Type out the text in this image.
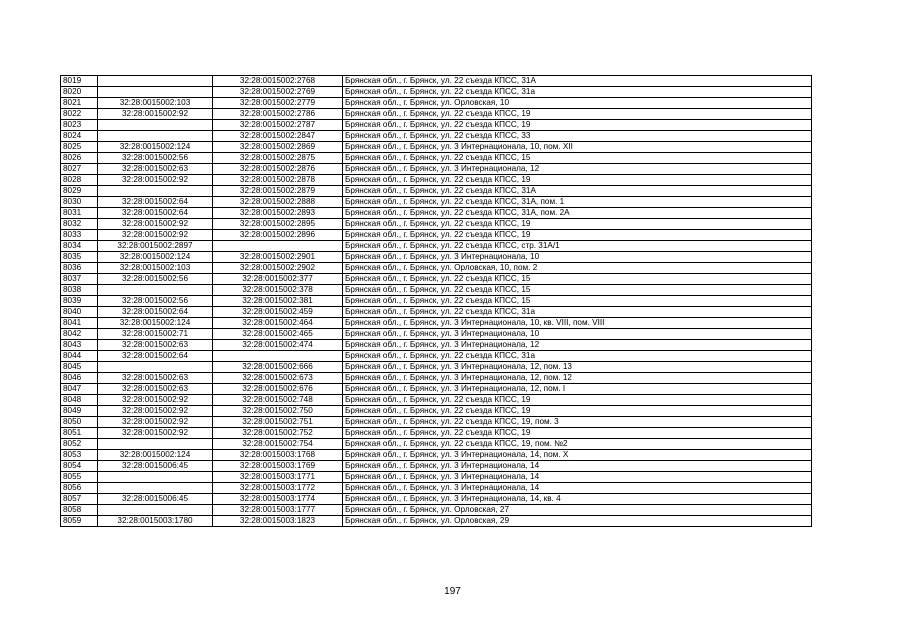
8019		32:28:0015002:2768	Брянская обл., г. Брянск, ул. 22 съезда КПСС, 31А
8020		32:28:0015002:2769	Брянская обл., г. Брянск, ул. 22 съезда КПСС, 31а
8021	32:28:0015002:103	32:28:0015002:2779	Брянская обл., г. Брянск, ул. Орловская, 10
8022	32:28:0015002:92	32:28:0015002:2786	Брянская обл., г. Брянск, ул. 22 съезда КПСС, 19
8023		32:28:0015002:2787	Брянская обл., г. Брянск, ул. 22 съезда КПСС, 19
8024		32:28:0015002:2847	Брянская обл., г. Брянск, ул. 22 съезда КПСС, 33
8025	32:28:0015002:124	32:28:0015002:2869	Брянская обл., г. Брянск, ул. 3 Интернационала, 10, пом. XII
8026	32:28:0015002:56	32:28:0015002:2875	Брянская обл., г. Брянск, ул. 22 съезда КПСС, 15
8027	32:28:0015002:63	32:28:0015002:2876	Брянская обл., г. Брянск, ул. 3 Интернационала, 12
8028	32:28:0015002:92	32:28:0015002:2878	Брянская обл., г. Брянск, ул. 22 съезда КПСС, 19
8029		32:28:0015002:2879	Брянская обл., г. Брянск, ул. 22 съезда КПСС, 31А
8030	32:28:0015002:64	32:28:0015002:2888	Брянская обл., г. Брянск, ул. 22 съезда КПСС, 31А, пом. 1
8031	32:28:0015002:64	32:28:0015002:2893	Брянская обл., г. Брянск, ул. 22 съезда КПСС, 31А, пом. 2А
8032	32:28:0015002:92	32:28:0015002:2895	Брянская обл., г. Брянск, ул. 22 съезда КПСС, 19
8033	32:28:0015002:92	32:28:0015002:2896	Брянская обл., г. Брянск, ул. 22 съезда КПСС, 19
8034	32:28:0015002:2897		Брянская обл., г. Брянск, ул. 22 съезда КПСС, стр. 31А/1
8035	32:28:0015002:124	32:28:0015002:2901	Брянская обл., г. Брянск, ул. 3 Интернационала, 10
8036	32:28:0015002:103	32:28:0015002:2902	Брянская обл., г. Брянск, ул. Орловская, 10, пом. 2
8037	32:28:0015002:56	32:28:0015002:377	Брянская обл., г. Брянск, ул. 22 съезда КПСС, 15
8038		32:28:0015002:378	Брянская обл., г. Брянск, ул. 22 съезда КПСС, 15
8039	32:28:0015002:56	32:28:0015002:381	Брянская обл., г. Брянск, ул. 22 съезда КПСС, 15
8040	32:28:0015002:64	32:28:0015002:459	Брянская обл., г. Брянск, ул. 22 съезда КПСС, 31а
8041	32:28:0015002:124	32:28:0015002:464	Брянская обл., г. Брянск, ул. 3 Интернационала, 10, кв. VIII, пом. VIII
8042	32:28:0015002:71	32:28:0015002:465	Брянская обл., г. Брянск, ул. 3 Интернационала, 10
8043	32:28:0015002:63	32:28:0015002:474	Брянская обл., г. Брянск, ул. 3 Интернационала, 12
8044	32:28:0015002:64		Брянская обл., г. Брянск, ул. 22 съезда КПСС, 31а
8045		32:28:0015002:666	Брянская обл., г. Брянск, ул. 3 Интернационала, 12, пом. 13
8046	32:28:0015002:63	32:28:0015002:673	Брянская обл., г. Брянск, ул. 3 Интернационала, 12, пом. 12
8047	32:28:0015002:63	32:28:0015002:676	Брянская обл., г. Брянск, ул. 3 Интернационала, 12, пом. I
8048	32:28:0015002:92	32:28:0015002:748	Брянская обл., г. Брянск, ул. 22 съезда КПСС, 19
8049	32:28:0015002:92	32:28:0015002:750	Брянская обл., г. Брянск, ул. 22 съезда КПСС, 19
8050	32:28:0015002:92	32:28:0015002:751	Брянская обл., г. Брянск, ул. 22 съезда КПСС, 19, пом. 3
8051	32:28:0015002:92	32:28:0015002:752	Брянская обл., г. Брянск, ул. 22 съезда КПСС, 19
8052		32:28:0015002:754	Брянская обл., г. Брянск, ул. 22 съезда КПСС, 19, пом. №2
8053	32:28:0015002:124	32:28:0015003:1768	Брянская обл., г. Брянск, ул. 3 Интернационала, 14, пом. X
8054	32:28:0015006:45	32:28:0015003:1769	Брянская обл., г. Брянск, ул. 3 Интернационала, 14
8055		32:28:0015003:1771	Брянская обл., г. Брянск, ул. 3 Интернационала, 14
8056		32:28:0015003:1772	Брянская обл., г. Брянск, ул. 3 Интернационала, 14
8057	32:28:0015006:45	32:28:0015003:1774	Брянская обл., г. Брянск, ул. 3 Интернационала, 14, кв. 4
8058		32:28:0015003:1777	Брянская обл., г. Брянск, ул. Орловская, 27
8059	32:28:0015003:1780	32:28:0015003:1823	Брянская обл., г. Брянск, ул. Орловская, 29
197
